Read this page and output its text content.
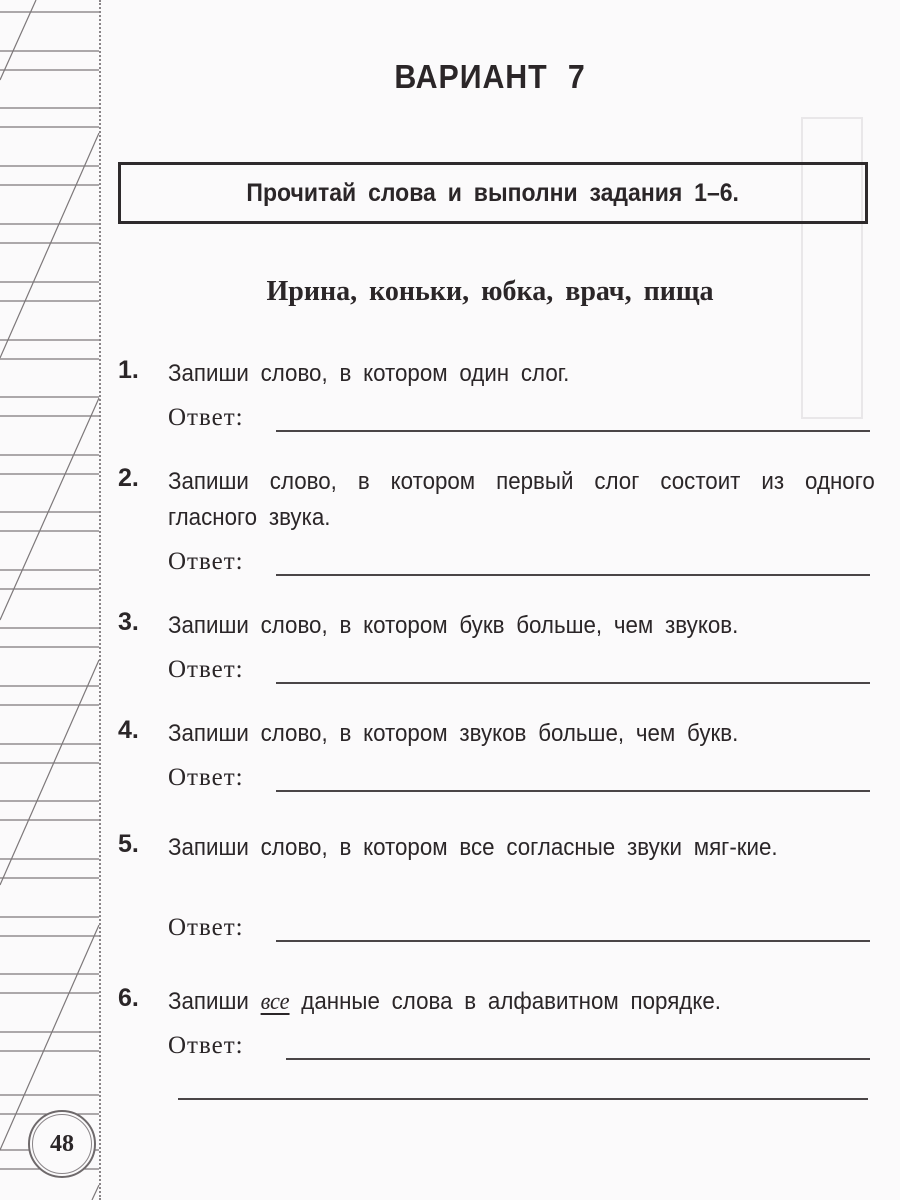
ВАРИАНТ 7
Прочитай слова и выполни задания 1–6.
Ирина, коньки, юбка, врач, пища
1. Запиши слово, в котором один слог.
Ответ:
2. Запиши слово, в котором первый слог состоит из одного гласного звука.
Ответ:
3. Запиши слово, в котором букв больше, чем звуков.
Ответ:
4. Запиши слово, в котором звуков больше, чем букв.
Ответ:
5. Запиши слово, в котором все согласные звуки мяг-кие.
Ответ:
6. Запиши все данные слова в алфавитном порядке.
Ответ:
48
